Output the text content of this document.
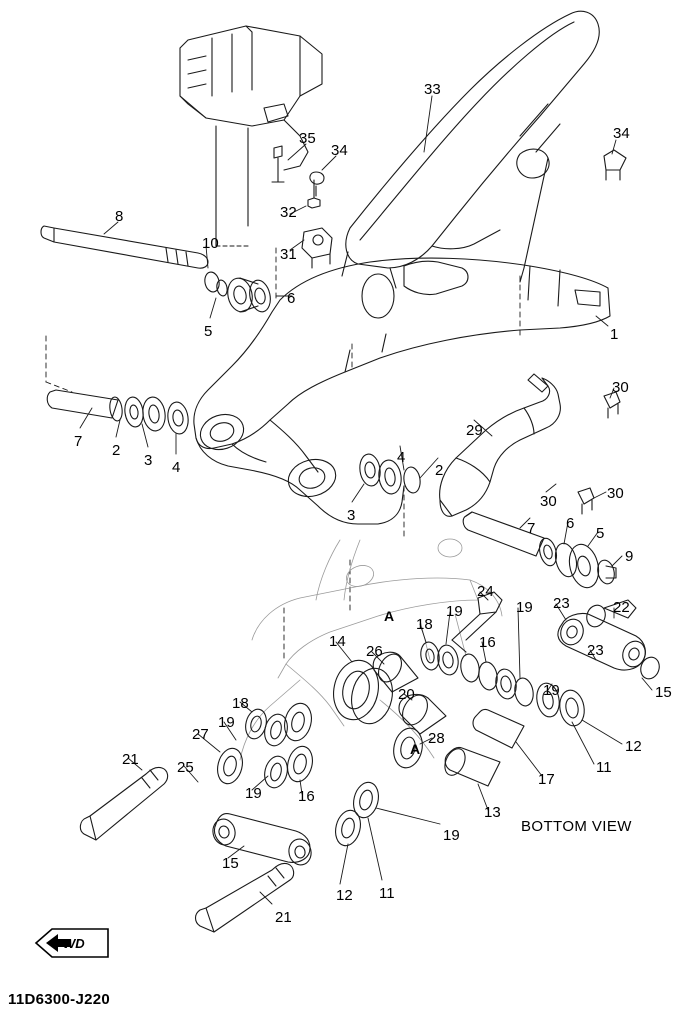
FWD
BOTTOM VIEW
11D6300-J220
33
34
35
34
32
8
10
31
6
5	1
30
7
2
3 4
29
4
2
3
30	30
7 6
5
9
24
23	22
A 18
19	19
16	23
14
26
20	19	15
18
19
27
A
28	12
11
21	25
17
19 16
13
19
15
12 11
21
